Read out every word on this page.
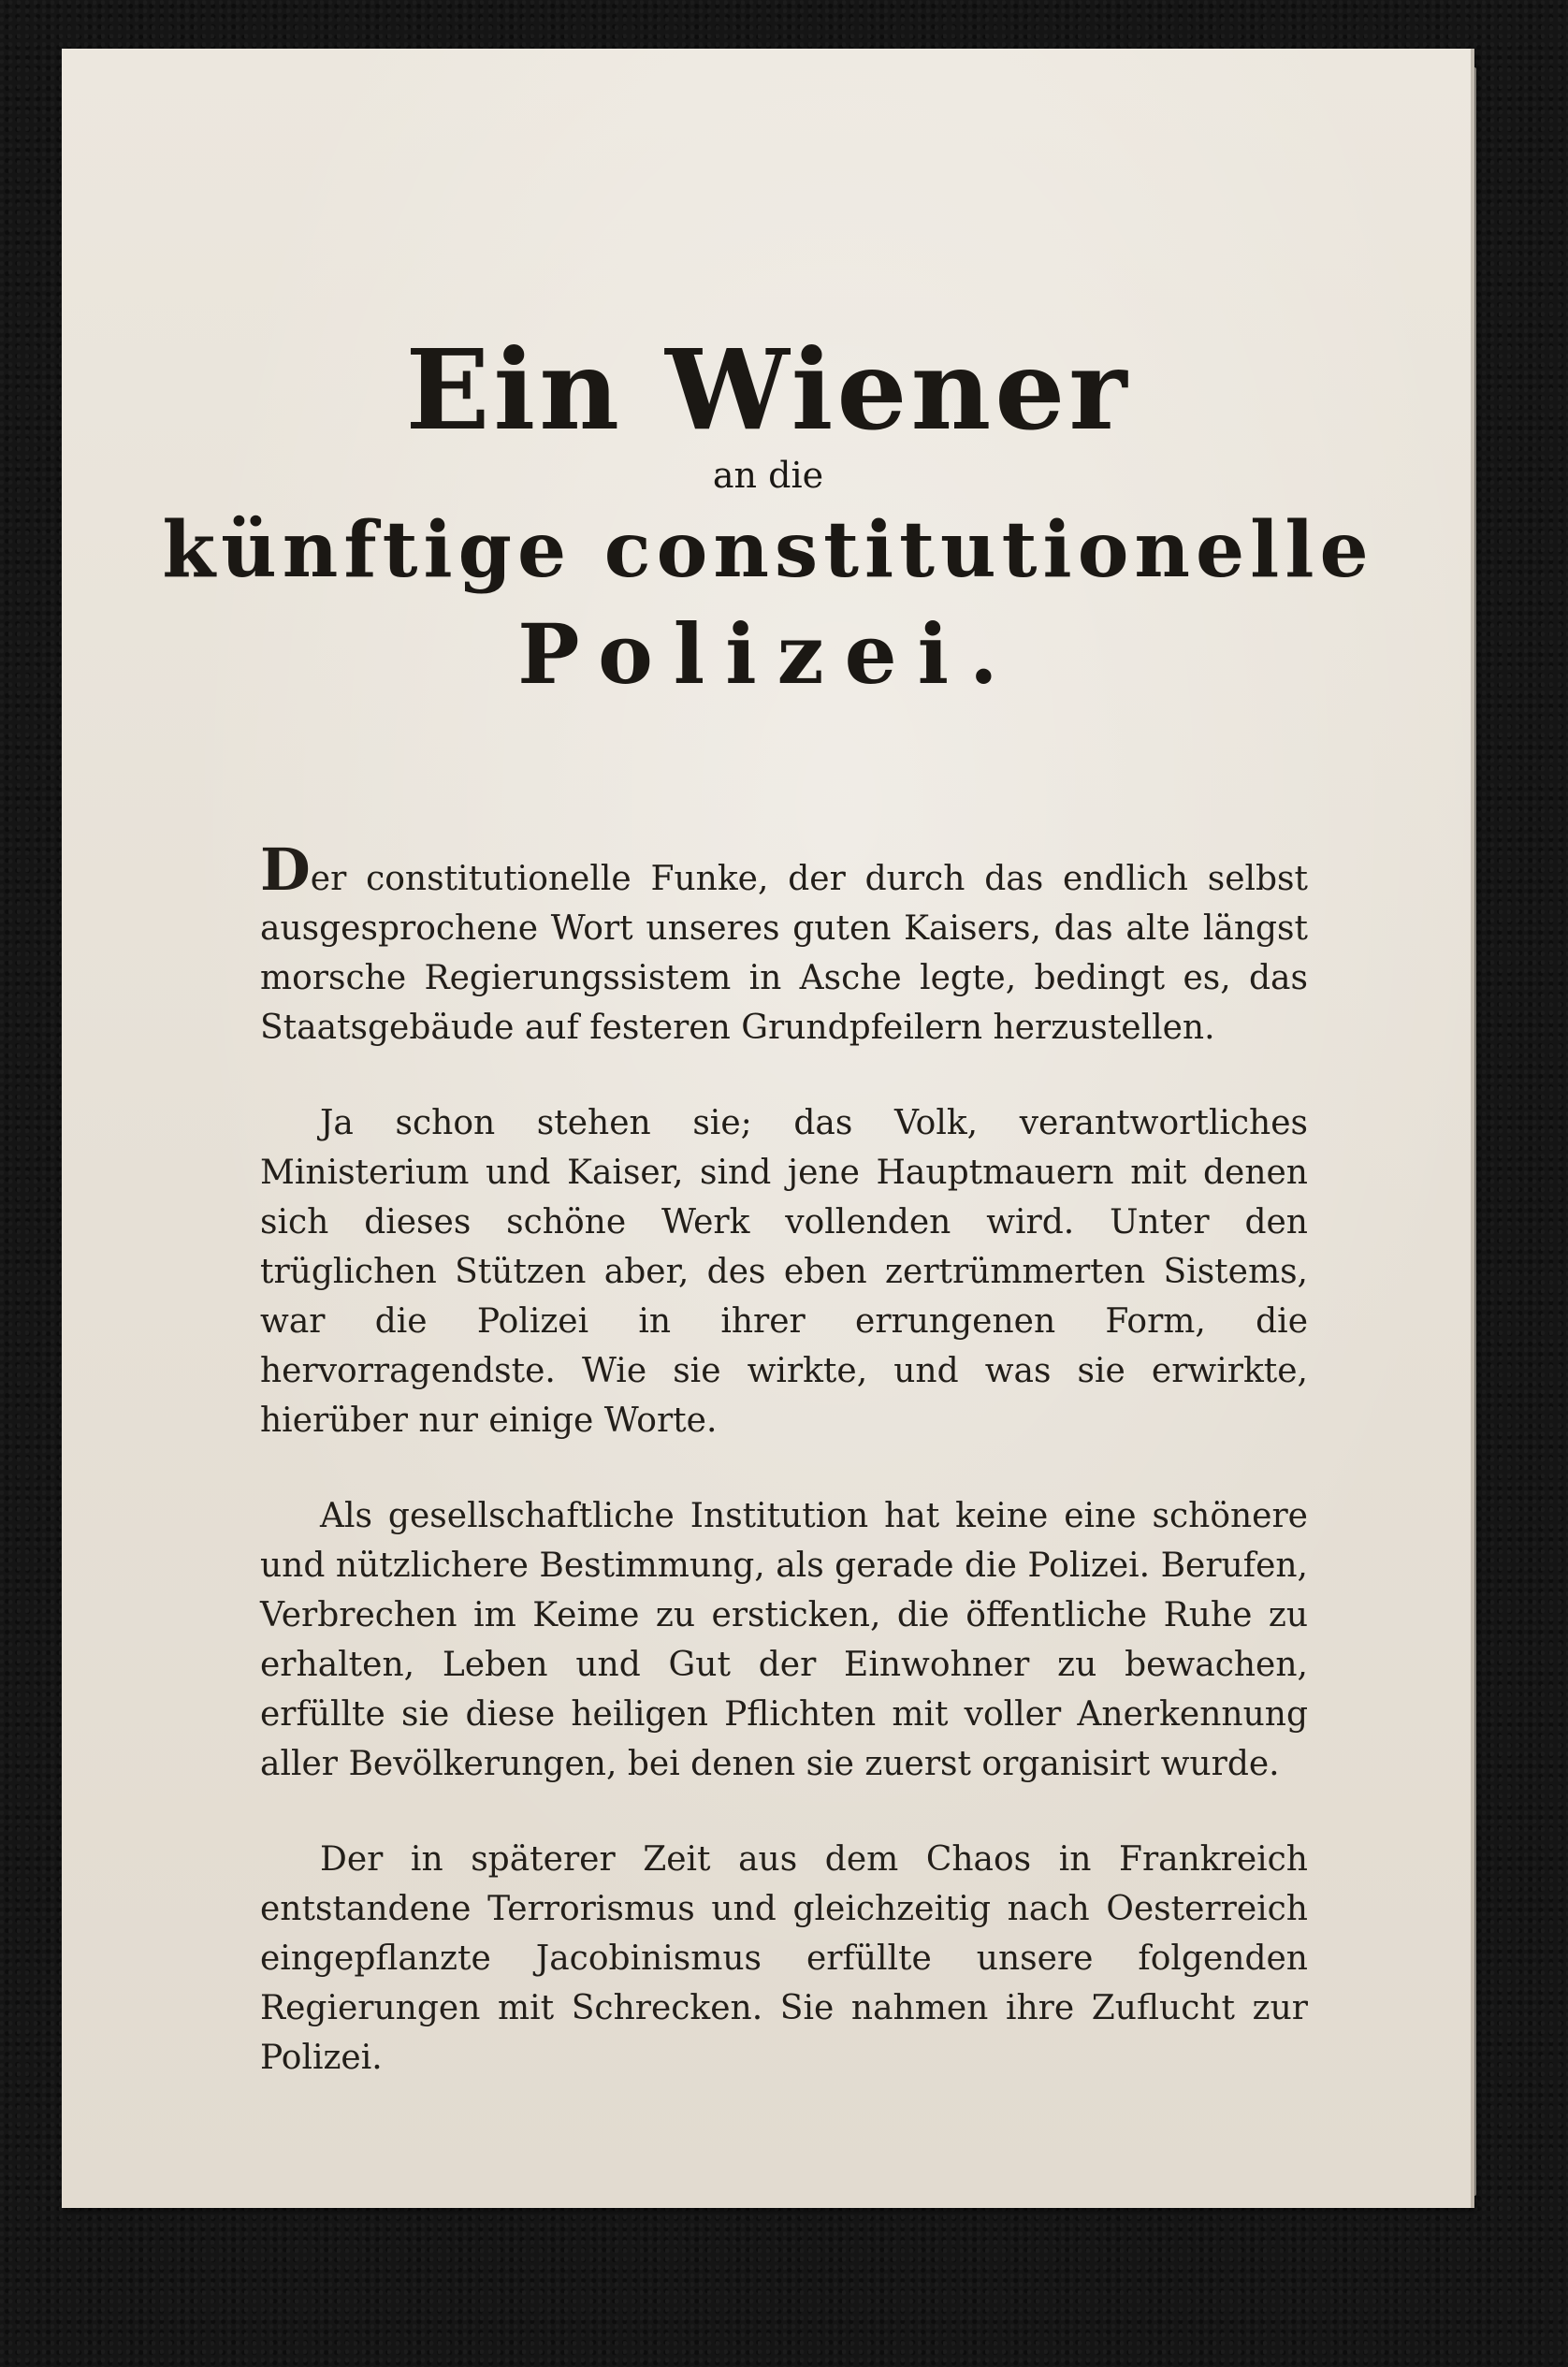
Ein Wiener
an die
künftige constitutionelle
Polizei.

Der constitutionelle Funke, der durch das endlich selbst ausgesprochene Wort unseres guten Kaisers, das alte längst morsche Regierungssistem in Asche legte, bedingt es, das Staatsgebäude auf festeren Grundpfeilern herzustellen.

Ja schon stehen sie; das Volk, verantwortliches Ministerium und Kaiser, sind jene Hauptmauern mit denen sich dieses schöne Werk vollenden wird. Unter den trüglichen Stützen aber, des eben zertrümmerten Sistems, war die Polizei in ihrer errungenen Form, die hervorragendste. Wie sie wirkte, und was sie erwirkte, hierüber nur einige Worte.

Als gesellschaftliche Institution hat keine eine schönere und nützlichere Bestimmung, als gerade die Polizei. Berufen, Verbrechen im Keime zu ersticken, die öffentliche Ruhe zu erhalten, Leben und Gut der Einwohner zu bewachen, erfüllte sie diese heiligen Pflichten mit voller Anerkennung aller Bevölkerungen, bei denen sie zuerst organisirt wurde.

Der in späterer Zeit aus dem Chaos in Frankreich entstandene Terrorismus und gleichzeitig nach Oesterreich eingepflanzte Jacobinismus erfüllte unsere folgenden Regierungen mit Schrecken. Sie nahmen ihre Zuflucht zur Polizei.
